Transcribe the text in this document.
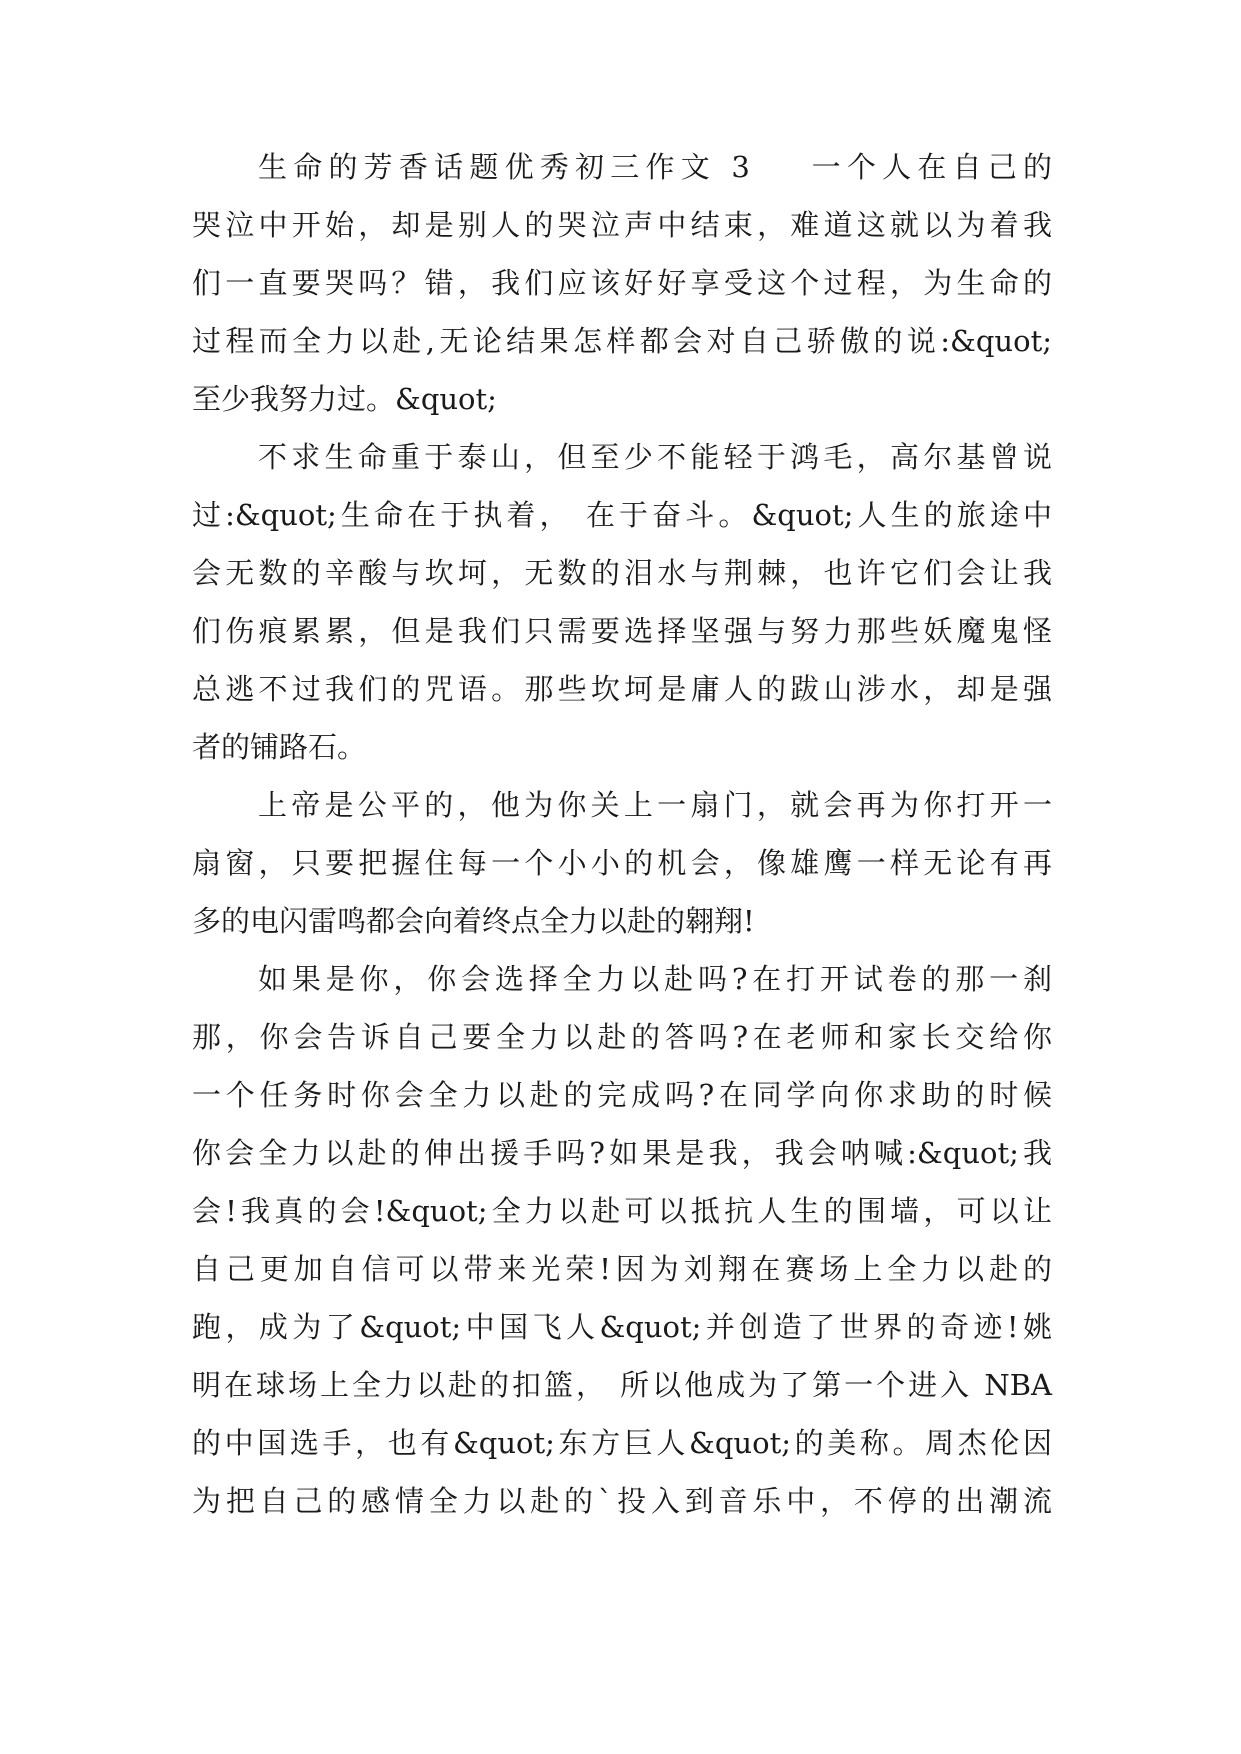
生命的芳香话题优秀初三作文 3    一个人在自己的
哭泣中开始，却是别人的哭泣声中结束，难道这就以为着我
们一直要哭吗？错，我们应该好好享受这个过程，为生命的
过程而全力以赴,无论结果怎样都会对自己骄傲的说:&quot;
至少我努力过。&quot;
不求生命重于泰山，但至少不能轻于鸿毛，高尔基曾说
过:&quot;生命在于执着， 在于奋斗。&quot;人生的旅途中
会无数的辛酸与坎坷，无数的泪水与荆棘，也许它们会让我
们伤痕累累，但是我们只需要选择坚强与努力那些妖魔鬼怪
总逃不过我们的咒语。那些坎坷是庸人的跋山涉水，却是强
者的铺路石。
上帝是公平的，他为你关上一扇门，就会再为你打开一
扇窗，只要把握住每一个小小的机会，像雄鹰一样无论有再
多的电闪雷鸣都会向着终点全力以赴的翱翔!
如果是你，你会选择全力以赴吗?在打开试卷的那一刹
那，你会告诉自己要全力以赴的答吗?在老师和家长交给你
一个任务时你会全力以赴的完成吗?在同学向你求助的时候
你会全力以赴的伸出援手吗?如果是我，我会呐喊:&quot;我
会!我真的会!&quot;全力以赴可以抵抗人生的围墙，可以让
自己更加自信可以带来光荣!因为刘翔在赛场上全力以赴的
跑，成为了&quot;中国飞人&quot;并创造了世界的奇迹!姚
明在球场上全力以赴的扣篮， 所以他成为了第一个进入 NBA
的中国选手，也有&quot;东方巨人&quot;的美称。周杰伦因
为把自己的感情全力以赴的`投入到音乐中，不停的出潮流
